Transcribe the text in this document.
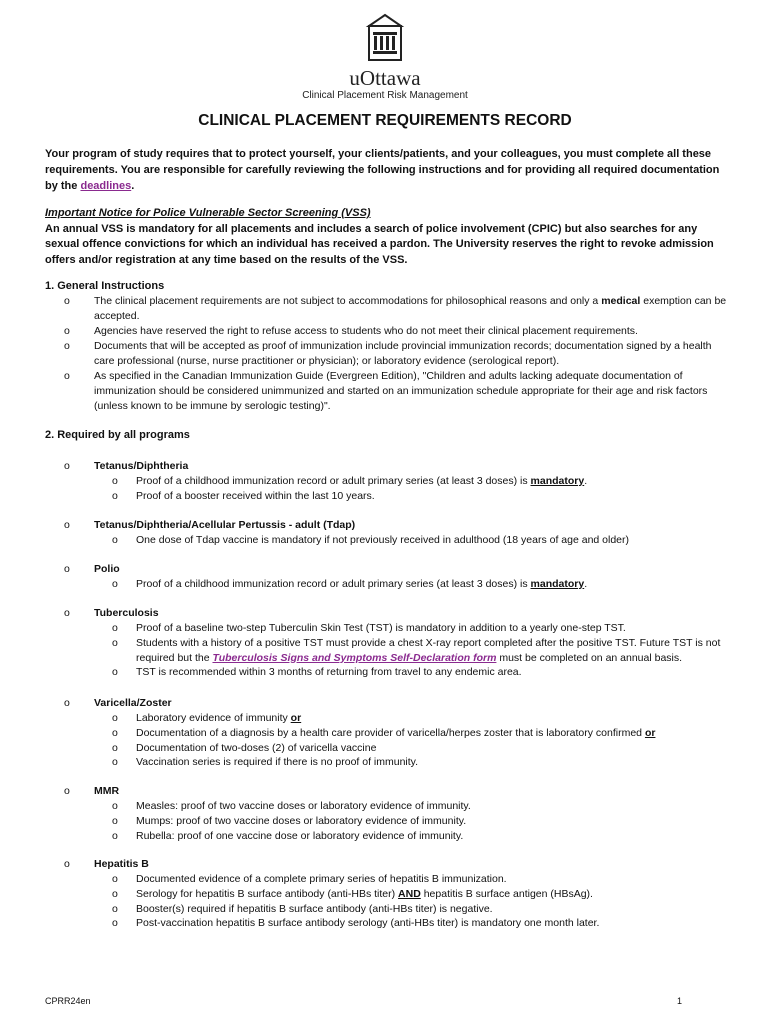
uOttawa
Clinical Placement Risk Management
CLINICAL PLACEMENT REQUIREMENTS RECORD
Your program of study requires that to protect yourself, your clients/patients, and your colleagues, you must complete all these requirements. You are responsible for carefully reviewing the following instructions and for providing all required documentation by the deadlines.
Important Notice for Police Vulnerable Sector Screening (VSS)
An annual VSS is mandatory for all placements and includes a search of police involvement (CPIC) but also searches for any sexual offence convictions for which an individual has received a pardon. The University reserves the right to revoke admission offers and/or registration at any time based on the results of the VSS.
1. General Instructions
o	The clinical placement requirements are not subject to accommodations for philosophical reasons and only a medical exemption can be accepted.
o	Agencies have reserved the right to refuse access to students who do not meet their clinical placement requirements.
o	Documents that will be accepted as proof of immunization include provincial immunization records; documentation signed by a health care professional (nurse, nurse practitioner or physician); or laboratory evidence (serological report).
o	As specified in the Canadian Immunization Guide (Evergreen Edition), "Children and adults lacking adequate documentation of immunization should be considered unimmunized and started on an immunization schedule appropriate for their age and risk factors (unless known to be immune by serologic testing)".
2. Required by all programs
o	Tetanus/Diphtheria
o	Proof of a childhood immunization record or adult primary series (at least 3 doses) is mandatory.
o	Proof of a booster received within the last 10 years.
o	Tetanus/Diphtheria/Acellular Pertussis - adult (Tdap)
o	One dose of Tdap vaccine is mandatory if not previously received in adulthood (18 years of age and older)
o	Polio
o	Proof of a childhood immunization record or adult primary series (at least 3 doses) is mandatory.
o	Tuberculosis
o	Proof of a baseline two-step Tuberculin Skin Test (TST) is mandatory in addition to a yearly one-step TST.
o	Students with a history of a positive TST must provide a chest X-ray report completed after the positive TST. Future TST is not required but the Tuberculosis Signs and Symptoms Self-Declaration form must be completed on an annual basis.
o	TST is recommended within 3 months of returning from travel to any endemic area.
o	Varicella/Zoster
o	Laboratory evidence of immunity or
o	Documentation of a diagnosis by a health care provider of varicella/herpes zoster that is laboratory confirmed or
o	Documentation of two-doses (2) of varicella vaccine
o	Vaccination series is required if there is no proof of immunity.
o	MMR
o	Measles: proof of two vaccine doses or laboratory evidence of immunity.
o	Mumps: proof of two vaccine doses or laboratory evidence of immunity.
o	Rubella: proof of one vaccine dose or laboratory evidence of immunity.
o	Hepatitis B
o	Documented evidence of a complete primary series of hepatitis B immunization.
o	Serology for hepatitis B surface antibody (anti-HBs titer) AND hepatitis B surface antigen (HBsAg).
o	Booster(s) required if hepatitis B surface antibody (anti-HBs titer) is negative.
o	Post-vaccination hepatitis B surface antibody serology (anti-HBs titer) is mandatory one month later.
CPRR24en	1
